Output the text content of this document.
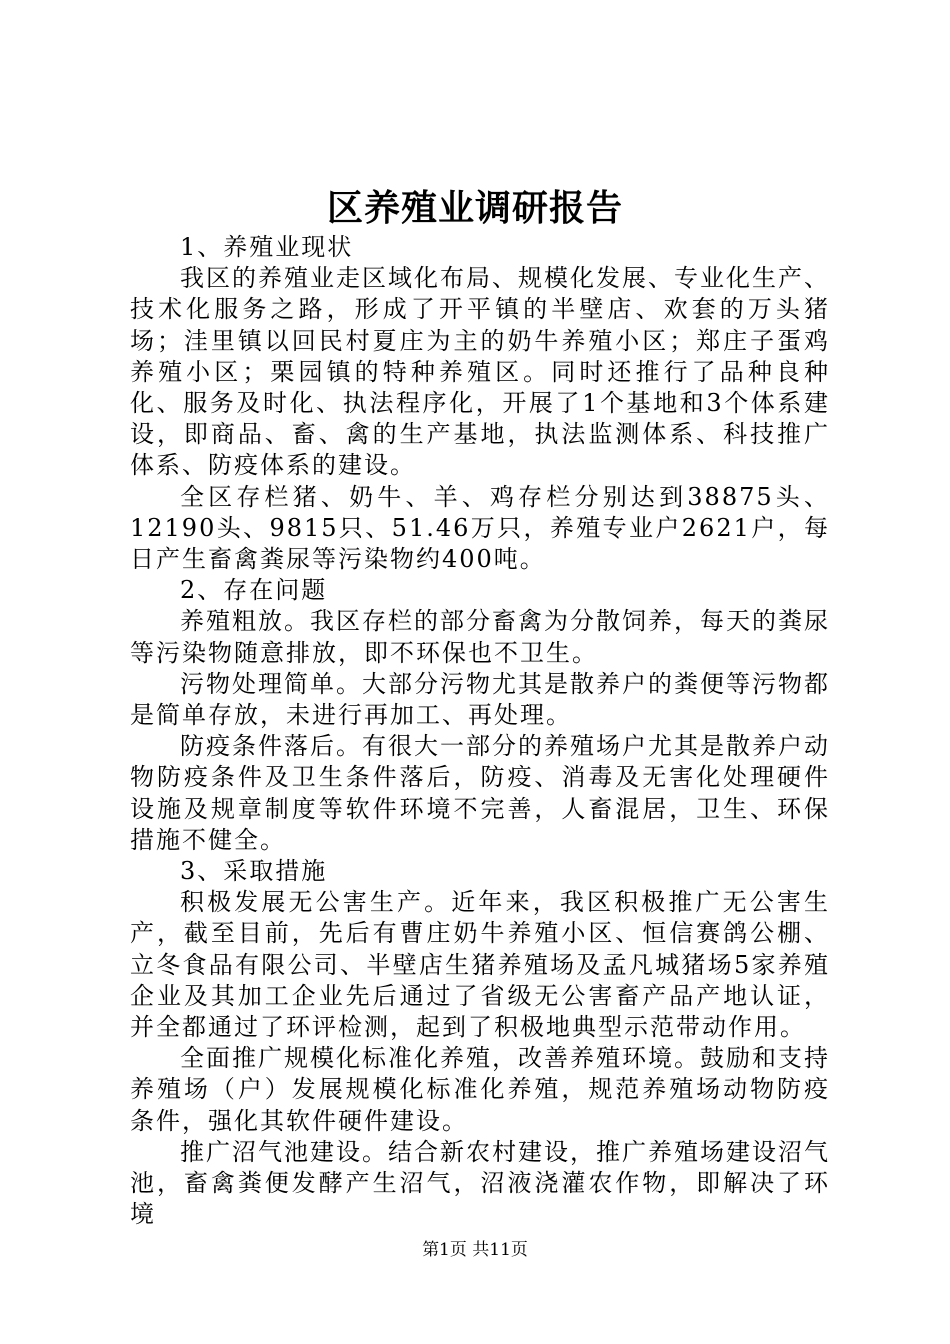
区养殖业调研报告

1、养殖业现状

我区的养殖业走区域化布局、规模化发展、专业化生产、技术化服务之路，形成了开平镇的半壁店、欢套的万头猪场；洼里镇以回民村夏庄为主的奶牛养殖小区；郑庄子蛋鸡养殖小区；栗园镇的特种养殖区。同时还推行了品种良种化、服务及时化、执法程序化，开展了1个基地和3个体系建设，即商品、畜、禽的生产基地，执法监测体系、科技推广体系、防疫体系的建设。

全区存栏猪、奶牛、羊、鸡存栏分别达到38875头、12190头、9815只、51.46万只，养殖专业户2621户，每日产生畜禽粪尿等污染物约400吨。

2、存在问题

养殖粗放。我区存栏的部分畜禽为分散饲养，每天的粪尿等污染物随意排放，即不环保也不卫生。

污物处理简单。大部分污物尤其是散养户的粪便等污物都是简单存放，未进行再加工、再处理。

防疫条件落后。有很大一部分的养殖场户尤其是散养户动物防疫条件及卫生条件落后，防疫、消毒及无害化处理硬件设施及规章制度等软件环境不完善，人畜混居，卫生、环保措施不健全。

3、采取措施

积极发展无公害生产。近年来，我区积极推广无公害生产，截至目前，先后有曹庄奶牛养殖小区、恒信赛鸽公棚、立冬食品有限公司、半壁店生猪养殖场及孟凡城猪场5家养殖企业及其加工企业先后通过了省级无公害畜产品产地认证，并全都通过了环评检测，起到了积极地典型示范带动作用。

全面推广规模化标准化养殖，改善养殖环境。鼓励和支持养殖场（户）发展规模化标准化养殖，规范养殖场动物防疫条件，强化其软件硬件建设。

推广沼气池建设。结合新农村建设，推广养殖场建设沼气池，畜禽粪便发酵产生沼气，沼液浇灌农作物，即解决了环境

第1页 共11页
